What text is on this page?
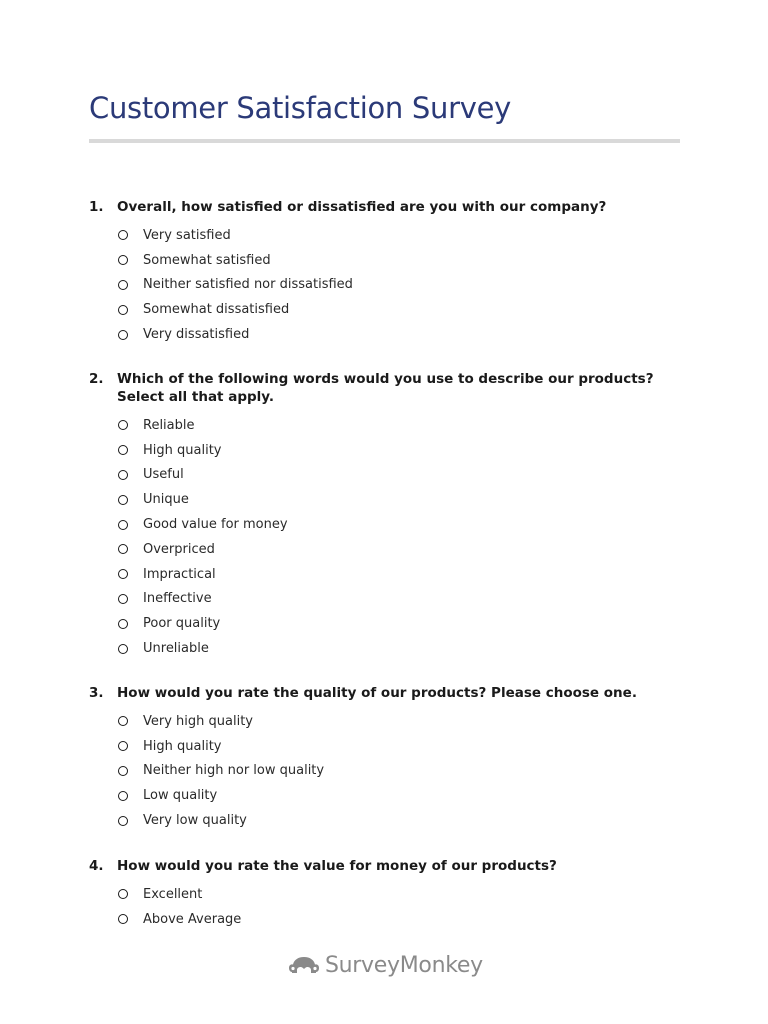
Customer Satisfaction Survey
1. Overall, how satisfied or dissatisfied are you with our company?
Very satisfied
Somewhat satisfied
Neither satisfied nor dissatisfied
Somewhat dissatisfied
Very dissatisfied
2. Which of the following words would you use to describe our products? Select all that apply.
Reliable
High quality
Useful
Unique
Good value for money
Overpriced
Impractical
Ineffective
Poor quality
Unreliable
3. How would you rate the quality of our products? Please choose one.
Very high quality
High quality
Neither high nor low quality
Low quality
Very low quality
4. How would you rate the value for money of our products?
Excellent
Above Average
SurveyMonkey
